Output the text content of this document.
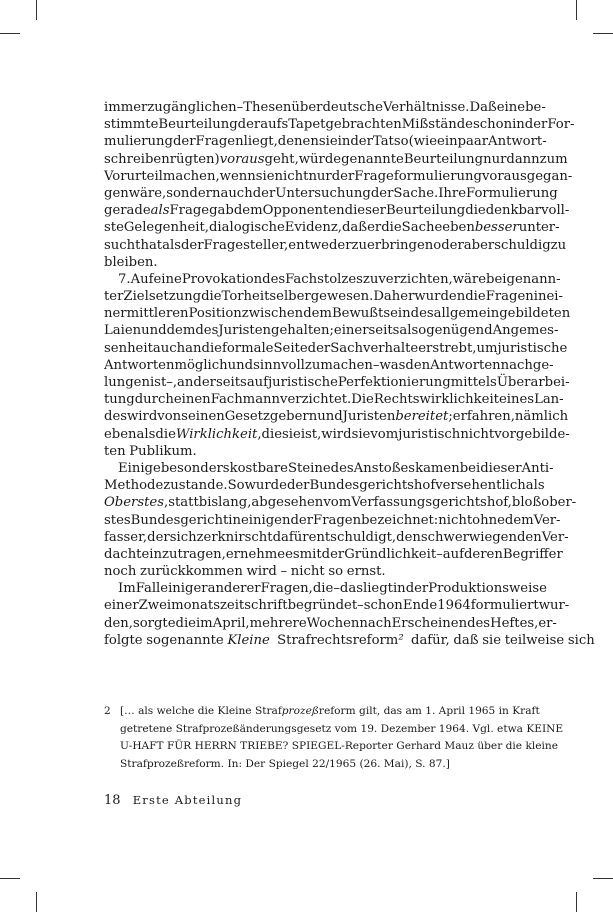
immer zugänglichen – Thesen über deutsche Verhältnisse. Daß eine be-
stimmte Beurteilung der aufs Tapet gebrachten Mißstände schon in der For-
mulierung der Fragen liegt, denen sie in der Tat so (wie ein paar Antwort-
schreiben rügten) vorausgeht, würde genannte Beurteilung nur dann zum
Vorurteil machen, wenn sie nicht nur der Frageformulierung vorausgegan-
gen wäre, sondern auch der Untersuchung der Sache. Ihre Formulierung
gerade als Frage gab dem Opponenten dieser Beurteilung die denkbar voll-
ste Gelegenheit, dialogische Evidenz, daß er die Sache eben besser unter-
sucht hat als der Fragesteller, entweder zu erbringen oder aber schuldig zu
bleiben.
7. Auf eine Provokation des Fachstolzes zu verzichten, wäre bei genann-
ter Zielsetzung die Torheit selber gewesen. Daher wurden die Fragen in ei-
ner mittleren Position zwischen dem Bewußtsein des allgemein gebildeten
Laien und dem des Juristen gehalten; einerseits also genügend Angemes-
senheit auch an die formale Seite der Sachverhalte erstrebt, um juristische
Antworten möglich und sinnvoll zu machen – was den Antworten nach ge-
lungen ist –, anderseits auf juristische Perfektionierung mittels Überarbei-
tung durch einen Fachmann verzichtet. Die Rechtswirklichkeit eines Lan-
des wird von seinen Gesetzgebern und Juristen bereitet; erfahren, nämlich
eben als die Wirklichkeit, die sie ist, wird sie vom juristisch nicht vorgebilde-
ten Publikum.
Einige besonders kostbare Steine des Anstoßes kamen bei dieser Anti-
Methode zustande. So wurde der Bundesgerichtshof versehentlich als
Oberstes, statt bislang, abgesehen vom Verfassungsgerichtshof, bloß ober-
stes Bundesgericht in einigen der Fragen bezeichnet: nicht ohne dem Ver-
fasser, der sich zerknirscht dafür entschuldigt, den schwerwiegenden Ver-
dacht einzutragen, er nehme es mit der Gründlichkeit – auf deren Begriff er
noch zurückkommen wird – nicht so ernst.
Im Fall einiger anderer Fragen, die – das liegt in der Produktionsweise
einer Zweimonatszeitschrift begründet – schon Ende 1964 formuliert wur-
den, sorgte die im April, mehrere Wochen nach Erscheinen des Heftes, er-
folgte sogenannte Kleine Strafrechtsreform² dafür, daß sie teilweise sich
2 [… als welche die Kleine Strafprozeßreform gilt, das am 1. April 1965 in Kraft
getretene Strafprozeßänderungsgesetz vom 19. Dezember 1964. Vgl. etwa KEINE
U-HAFT FÜR HERRN TRIEBE? SPIEGEL-Reporter Gerhard Mauz über die kleine
Strafprozeßreform. In: Der Spiegel 22/1965 (26. Mai), S. 87.]
18 Erste Abteilung
